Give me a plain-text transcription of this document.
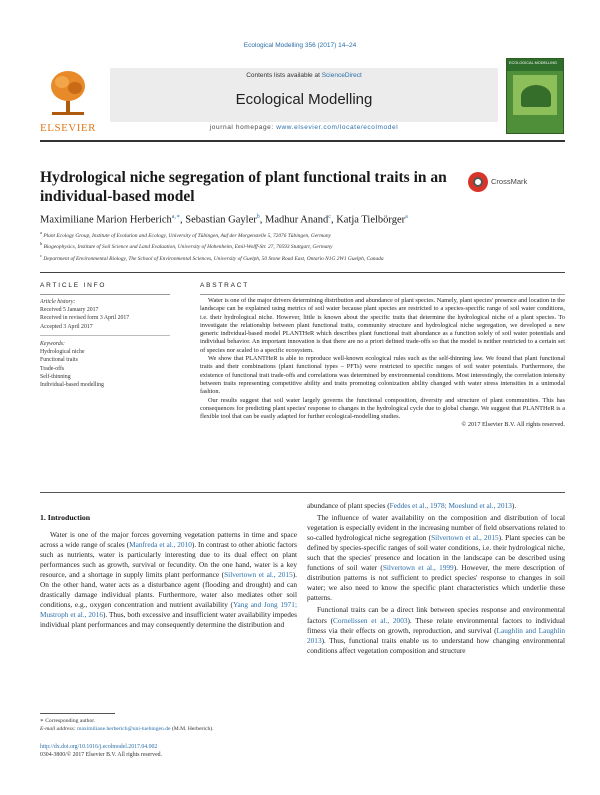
Ecological Modelling 356 (2017) 14–24
ELSEVIER
Contents lists available at ScienceDirect
Ecological Modelling
journal homepage: www.elsevier.com/locate/ecolmodel
ECOLOGICAL MODELLING
Hydrological niche segregation of plant functional traits in an individual-based model
CrossMark
Maximiliane Marion Herberich$^{a,∗}$, Sebastian Gayler$^b$, Madhur Anand$^c$, Katja Tielbörger$^a$
$^a$ Plant Ecology Group, Institute of Evolution and Ecology, University of Tübingen, Auf der Morgenstelle 5, 72076 Tübingen, Germany
$^b$ Biogeophysics, Institute of Soil Science and Land Evaluation, University of Hohenheim, Emil-Wolff-Str. 27, 70593 Stuttgart, Germany
$^c$ Department of Environmental Biology, The School of Environmental Sciences, University of Guelph, 50 Stone Road East, Ontario N1G 2W1 Guelph, Canada
ARTICLE INFO	ABSTRACT
Article history:
Received 5 January 2017
Received in revised form 3 April 2017
Accepted 3 April 2017
Keywords:
Hydrological niche
Functional traits
Trade-offs
Self-thinning
Individual-based modelling

Water is one of the major drivers determining distribution and abundance of plant species. Namely, plant species' presence and location in the landscape can be explained using metrics of soil water because plant species are restricted to a species-specific range of soil water conditions, i.e. their hydrological niche. However, little is known about the specific traits that determine the hydrological niche of a plant species. To investigate the relationship between plant functional traits, community structure and hydrological niche segregation, we developed a new generic individual-based model PLANTHeR which describes plant functional trait abundance as a function solely of soil water potentials and individual behavior. An important innovation is that there are no a priori defined trade-offs so that the model is neither restricted to a certain set of species nor scaled to a specific ecosystem.

We show that PLANTHeR is able to reproduce well-known ecological rules such as the self-thinning law. We found that plant functional traits and their combinations (plant functional types – PFTs) were restricted to specific ranges of soil water potentials. Furthermore, the existence of functional trait trade-offs and correlations was determined by environmental conditions. Most interestingly, the correlation intensity between traits representing competitive ability and traits promoting colonization ability changed with water stress intensities in a unimodal fashion.

Our results suggest that soil water largely governs the functional composition, diversity and structure of plant communities. This has consequences for predicting plant species' response to changes in the hydrological cycle due to global change. We suggest that PLANTHeR is a flexible tool that can be easily adapted for further ecological-modelling studies.

© 2017 Elsevier B.V. All rights reserved.

1. Introduction

Water is one of the major forces governing vegetation patterns in time and space across a wide range of scales (Manfreda et al., 2010). In contrast to other abiotic factors such as nutrients, water is particularly interesting due to its dual effect on plant performances such as growth, survival or fecundity. On the one hand, water is a key resource, and a shortage in supply limits plant performance (Silvertown et al., 2015). On the other hand, water acts as a disturbance agent (flooding and drought) and can drastically damage individual plants. Furthermore, water also mediates other soil conditions, e.g., oxygen concentration and nutrient availability (Yang and Jong 1971; Mustroph et al., 2016). Thus, both excessive and insufficient water availability impedes individual plant performances and may consequently determine the distribution and

abundance of plant species (Feddes et al., 1978; Moeslund et al., 2013).

The influence of water availability on the composition and distribution of local vegetation is especially evident in the increasing number of field observations related to so-called hydrological niche segregation (Silvertown et al., 2015). Plant species can be defined by species-specific ranges of soil water conditions, i.e. their hydrological niche, such that the species' presence and location in the landscape can be described using functions of soil water (Silvertown et al., 1999). However, the mere description of distribution patterns is not sufficient to predict species' response to changes in soil water; we also need to know the specific plant characteristics which underlie these patterns.

Functional traits can be a direct link between species response and environmental factors (Cornelissen et al., 2003). These relate environmental factors to individual fitness via their effects on growth, reproduction, and survival (Laughlin and Laughlin 2013). Thus, functional traits enable us to understand how changing environmental conditions affect vegetation composition and structure

∗ Corresponding author.
E-mail address: maximiliane.herberich@uni-tuebingen.de (M.M. Herberich).
http://dx.doi.org/10.1016/j.ecolmodel.2017.04.002
0304-3800/© 2017 Elsevier B.V. All rights reserved.
